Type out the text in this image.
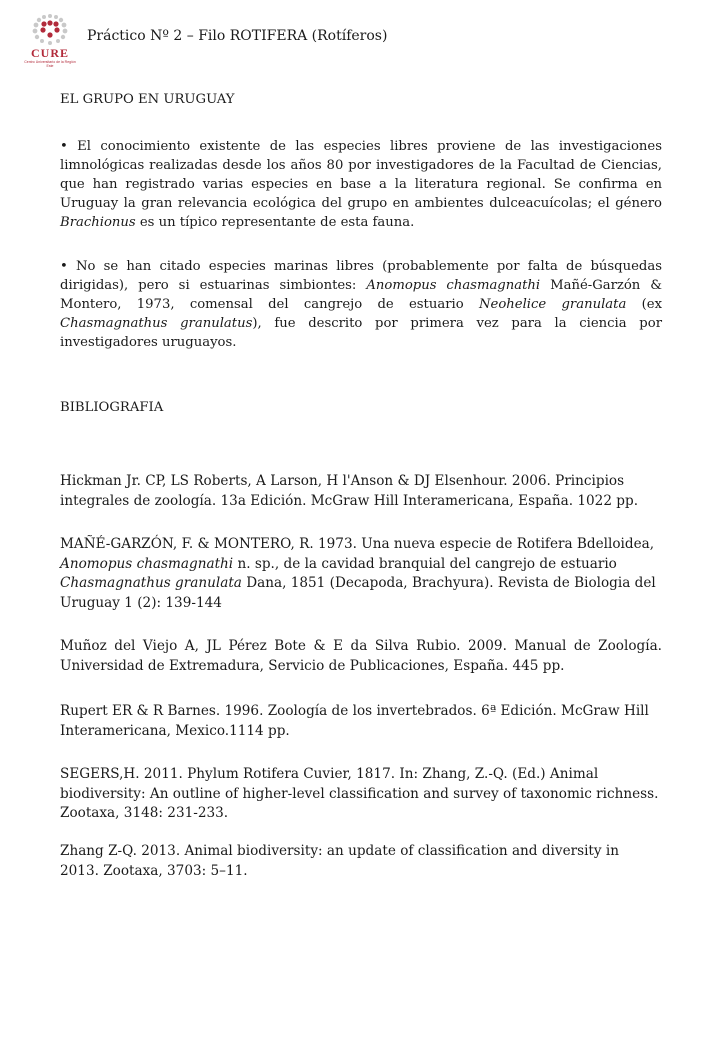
CURE
Centro Universitario de la Región Este
Práctico Nº 2 – Filo ROTIFERA (Rotíferos)
EL GRUPO EN URUGUAY
• El conocimiento existente de las especies libres proviene de las investigaciones limnológicas realizadas desde los años 80 por investigadores de la Facultad de Ciencias, que han registrado varias especies en base a la literatura regional. Se confirma en Uruguay la gran relevancia ecológica del grupo en ambientes dulceacuícolas; el género Brachionus es un típico representante de esta fauna.
• No se han citado especies marinas libres (probablemente por falta de búsquedas dirigidas), pero si estuarinas simbiontes: Anomopus chasmagnathi Mañé-Garzón & Montero, 1973, comensal del cangrejo de estuario Neohelice granulata (ex Chasmagnathus granulatus), fue descrito por primera vez para la ciencia por investigadores uruguayos.
BIBLIOGRAFIA
Hickman Jr. CP, LS Roberts, A Larson, H l'Anson & DJ Elsenhour. 2006. Principios integrales de zoología. 13a Edición. McGraw Hill Interamericana, España. 1022 pp.
MAÑÉ-GARZÓN, F. & MONTERO, R. 1973. Una nueva especie de Rotifera Bdelloidea, Anomopus chasmagnathi n. sp., de la cavidad branquial del cangrejo de estuario Chasmagnathus granulata Dana, 1851 (Decapoda, Brachyura). Revista de Biologia del Uruguay 1 (2): 139-144
Muñoz del Viejo A, JL Pérez Bote & E da Silva Rubio. 2009. Manual de Zoología. Universidad de Extremadura, Servicio de Publicaciones, España. 445 pp.
Rupert ER & R Barnes. 1996. Zoología de los invertebrados. 6ª Edición. McGraw Hill Interamericana, Mexico.1114 pp.
SEGERS,H. 2011. Phylum Rotifera Cuvier, 1817. In: Zhang, Z.-Q. (Ed.) Animal biodiversity: An outline of higher-level classification and survey of taxonomic richness. Zootaxa, 3148: 231-233.
Zhang Z-Q. 2013. Animal biodiversity: an update of classification and diversity in 2013. Zootaxa, 3703: 5–11.
